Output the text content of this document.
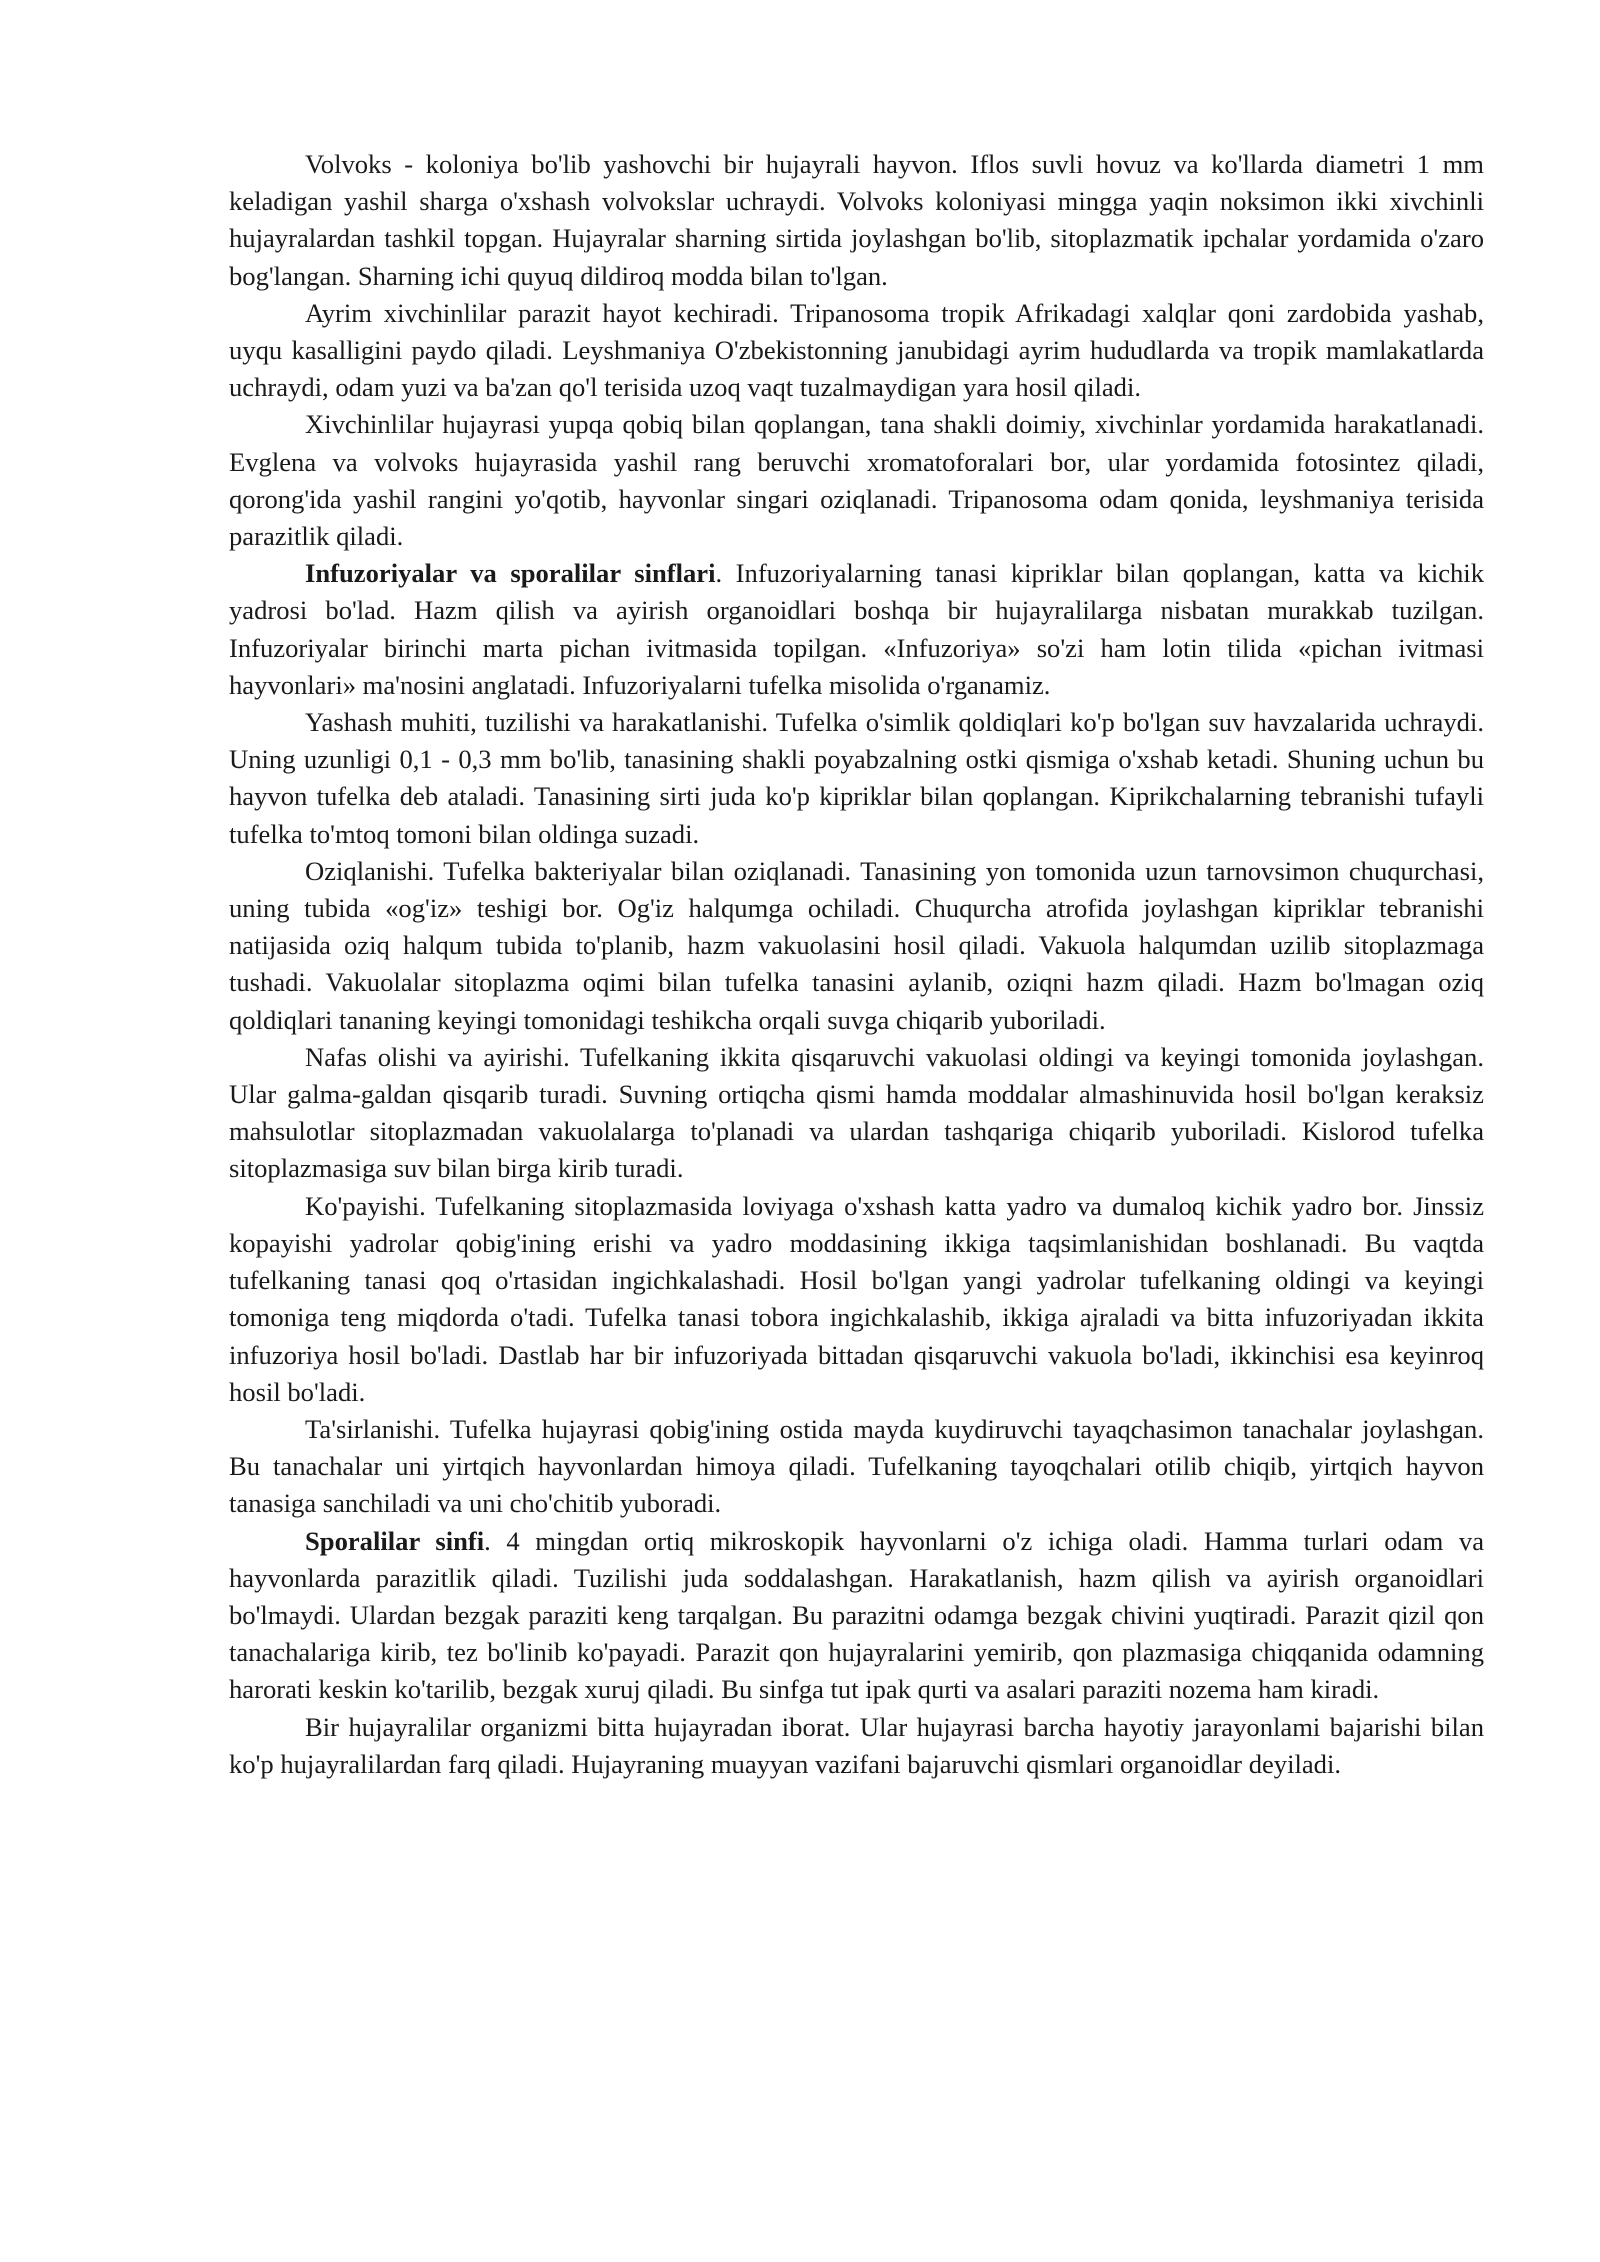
Volvoks - koloniya bo'lib yashovchi bir hujayrali hayvon. Iflos suvli hovuz va ko'llarda diametri 1 mm keladigan yashil sharga o'xshash volvokslar uchraydi. Volvoks koloniyasi mingga yaqin noksimon ikki xivchinli hujayralardan tashkil topgan. Hujayralar sharning sirtida joylashgan bo'lib, sitoplazmatik ipchalar yordamida o'zaro bog'langan. Sharning ichi quyuq dildiroq modda bilan to'lgan.

Ayrim xivchinlilar parazit hayot kechiradi. Tripanosoma tropik Afrikadagi xalqlar qoni zardobida yashab, uyqu kasalligini paydo qiladi. Leyshmaniya O'zbekistonning janubidagi ayrim hududlarda va tropik mamlakatlarda uchraydi, odam yuzi va ba'zan qo'l terisida uzoq vaqt tuzalmaydigan yara hosil qiladi.

Xivchinlilar hujayrasi yupqa qobiq bilan qoplangan, tana shakli doimiy, xivchinlar yordamida harakatlanadi. Evglena va volvoks hujayrasida yashil rang beruvchi xromatoforalari bor, ular yordamida fotosintez qiladi, qorong'ida yashil rangini yo'qotib, hayvonlar singari oziqlanadi. Tripanosoma odam qonida, leyshmaniya terisida parazitlik qiladi.

Infuzoriyalar va sporalilar sinflari. Infuzoriyalarning tanasi kipriklar bilan qoplangan, katta va kichik yadrosi bo'lad. Hazm qilish va ayirish organoidlari boshqa bir hujayralilarga nisbatan murakkab tuzilgan. Infuzoriyalar birinchi marta pichan ivitmasida topilgan. «Infuzoriya» so'zi ham lotin tilida «pichan ivitmasi hayvonlari» ma'nosini anglatadi. Infuzoriyalarni tufelka misolida o'rganamiz.

Yashash muhiti, tuzilishi va harakatlanishi. Tufelka o'simlik qoldiqlari ko'p bo'lgan suv havzalarida uchraydi. Uning uzunligi 0,1 - 0,3 mm bo'lib, tanasining shakli poyabzalning ostki qismiga o'xshab ketadi. Shuning uchun bu hayvon tufelka deb ataladi. Tanasining sirti juda ko'p kipriklar bilan qoplangan. Kiprikchalarning tebranishi tufayli tufelka to'mtoq tomoni bilan oldinga suzadi.

Oziqlanishi. Tufelka bakteriyalar bilan oziqlanadi. Tanasining yon tomonida uzun tarnovsimon chuqurchasi, uning tubida «og'iz» teshigi bor. Og'iz halqumga ochiladi. Chuqurcha atrofida joylashgan kipriklar tebranishi natijasida oziq halqum tubida to'planib, hazm vakuolasini hosil qiladi. Vakuola halqumdan uzilib sitoplazmaga tushadi. Vakuolalar sitoplazma oqimi bilan tufelka tanasini aylanib, oziqni hazm qiladi. Hazm bo'lmagan oziq qoldiqlari tananing keyingi tomonidagi teshikcha orqali suvga chiqarib yuboriladi.

Nafas olishi va ayirishi. Tufelkaning ikkita qisqaruvchi vakuolasi oldingi va keyingi tomonida joylashgan. Ular galma-galdan qisqarib turadi. Suvning ortiqcha qismi hamda moddalar almashinuvida hosil bo'lgan keraksiz mahsulotlar sitoplazmadan vakuolalarga to'planadi va ulardan tashqariga chiqarib yuboriladi. Kislorod tufelka sitoplazmasiga suv bilan birga kirib turadi.

Ko'payishi. Tufelkaning sitoplazmasida loviyaga o'xshash katta yadro va dumaloq kichik yadro bor. Jinssiz kopayishi yadrolar qobig'ining erishi va yadro moddasining ikkiga taqsimlanishidan boshlanadi. Bu vaqtda tufelkaning tanasi qoq o'rtasidan ingichkalashadi. Hosil bo'lgan yangi yadrolar tufelkaning oldingi va keyingi tomoniga teng miqdorda o'tadi. Tufelka tanasi tobora ingichkalashib, ikkiga ajraladi va bitta infuzoriyadan ikkita infuzoriya hosil bo'ladi. Dastlab har bir infuzoriyada bittadan qisqaruvchi vakuola bo'ladi, ikkinchisi esa keyinroq hosil bo'ladi.

Ta'sirlanishi. Tufelka hujayrasi qobig'ining ostida mayda kuydiruvchi tayaqchasimon tanachalar joylashgan. Bu tanachalar uni yirtqich hayvonlardan himoya qiladi. Tufelkaning tayoqchalari otilib chiqib, yirtqich hayvon tanasiga sanchiladi va uni cho'chitib yuboradi.

Sporalilar sinfi. 4 mingdan ortiq mikroskopik hayvonlarni o'z ichiga oladi. Hamma turlari odam va hayvonlarda parazitlik qiladi. Tuzilishi juda soddalashgan. Harakatlanish, hazm qilish va ayirish organoidlari bo'lmaydi. Ulardan bezgak paraziti keng tarqalgan. Bu parazitni odamga bezgak chivini yuqtiradi. Parazit qizil qon tanachalariga kirib, tez bo'linib ko'payadi. Parazit qon hujayralarini yemirib, qon plazmasiga chiqqanida odamning harorati keskin ko'tarilib, bezgak xuruj qiladi. Bu sinfga tut ipak qurti va asalari paraziti nozema ham kiradi.

Bir hujayralilar organizmi bitta hujayradan iborat. Ular hujayrasi barcha hayotiy jarayonlami bajarishi bilan ko'p hujayralilardan farq qiladi. Hujayraning muayyan vazifani bajaruvchi qismlari organoidlar deyiladi.
